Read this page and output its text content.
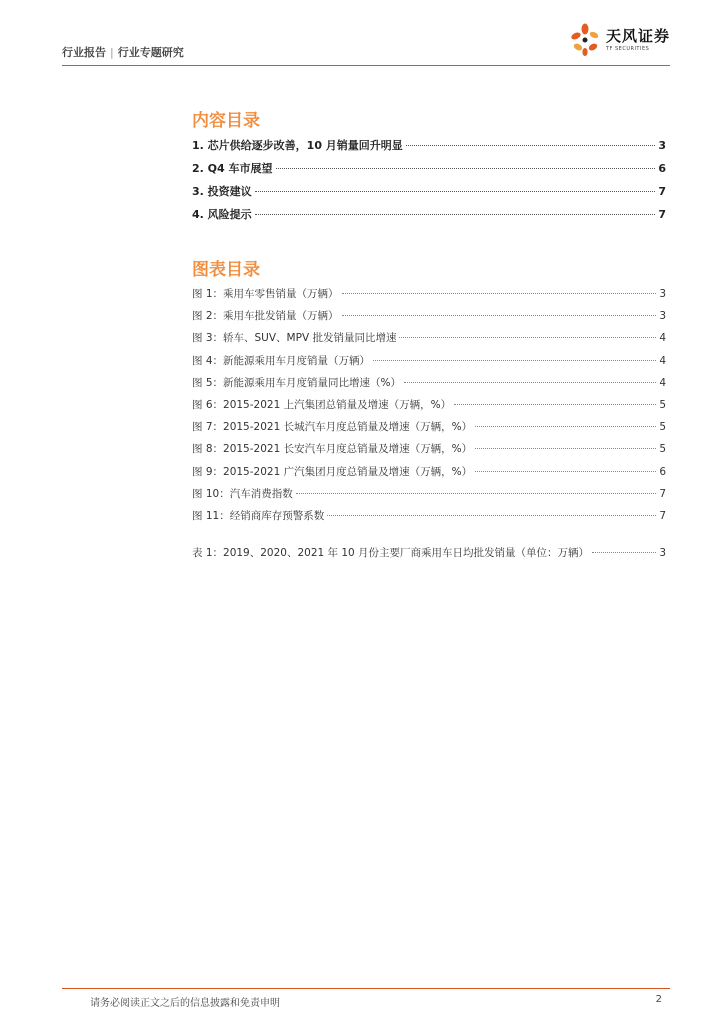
行业报告 | 行业专题研究
天风证券
TF SECURITIES
内容目录
1. 芯片供给逐步改善，10 月销量回升明显	3
2. Q4 车市展望	6
3. 投资建议	7
4. 风险提示	7
图表目录
图 1：乘用车零售销量（万辆）	3
图 2：乘用车批发销量（万辆）	3
图 3：轿车、SUV、MPV 批发销量同比增速	4
图 4：新能源乘用车月度销量（万辆）	4
图 5：新能源乘用车月度销量同比增速（%）	4
图 6：2015-2021 上汽集团总销量及增速（万辆，%）	5
图 7：2015-2021 长城汽车月度总销量及增速（万辆，%）	5
图 8：2015-2021 长安汽车月度总销量及增速（万辆，%）	5
图 9：2015-2021 广汽集团月度总销量及增速（万辆，%）	6
图 10：汽车消费指数	7
图 11：经销商库存预警系数	7
表 1：2019、2020、2021 年 10 月份主要厂商乘用车日均批发销量（单位：万辆）	3
请务必阅读正文之后的信息披露和免责申明	2
